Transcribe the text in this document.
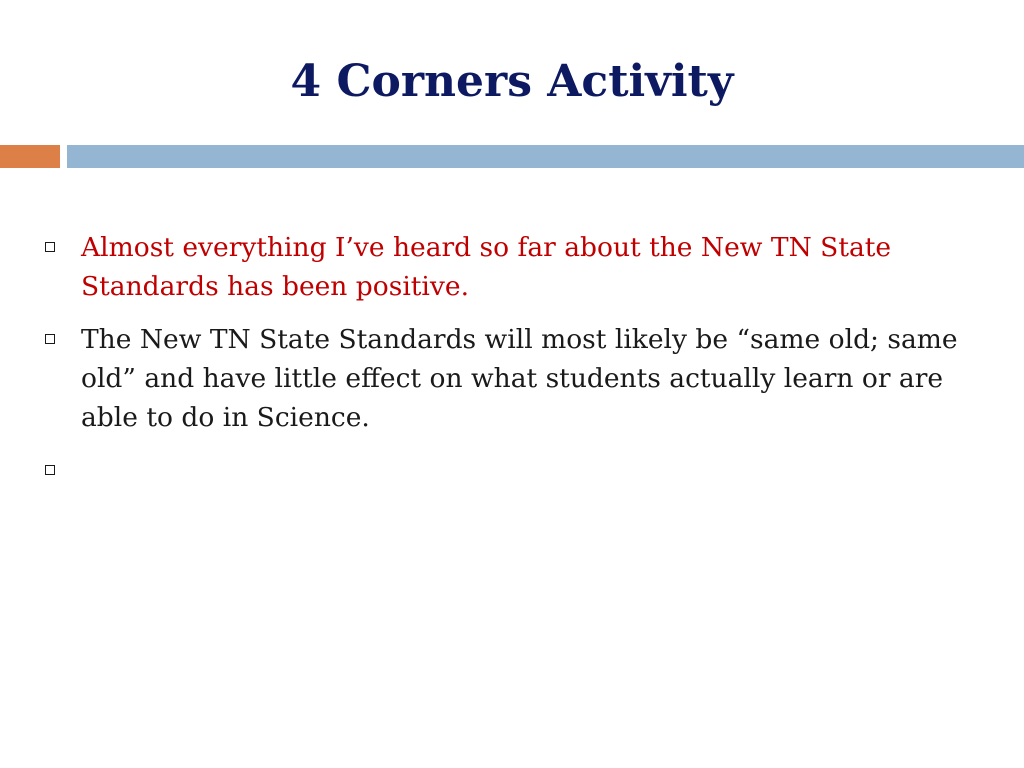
4 Corners Activity
Almost everything I’ve heard so far about the New TN State Standards has been positive.
The New TN State Standards will most likely be “same old; same old” and have little effect on what students actually learn or are able to do in Science.
